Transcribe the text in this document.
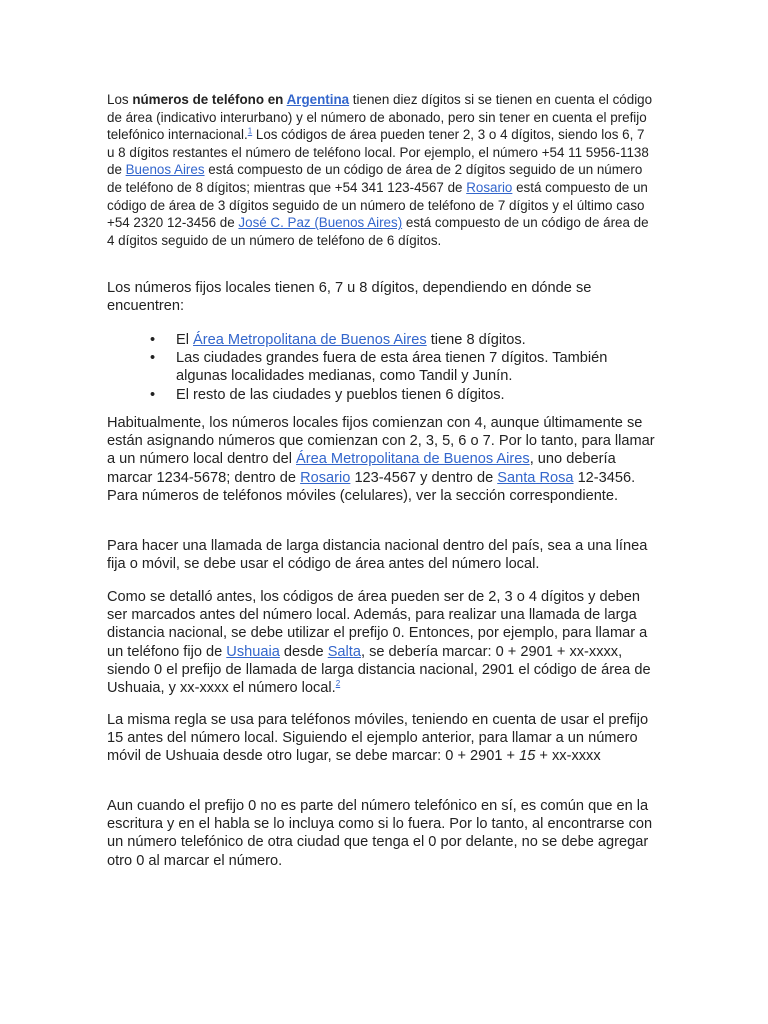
Los números de teléfono en Argentina tienen diez dígitos si se tienen en cuenta el código de área (indicativo interurbano) y el número de abonado, pero sin tener en cuenta el prefijo telefónico internacional.$^1$ Los códigos de área pueden tener 2, 3 o 4 dígitos, siendo los 6, 7 u 8 dígitos restantes el número de teléfono local. Por ejemplo, el número +54 11 5956-1138 de Buenos Aires está compuesto de un código de área de 2 dígitos seguido de un número de teléfono de 8 dígitos; mientras que +54 341 123-4567 de Rosario está compuesto de un código de área de 3 dígitos seguido de un número de teléfono de 7 dígitos y el último caso +54 2320 12-3456 de José C. Paz (Buenos Aires) está compuesto de un código de área de 4 dígitos seguido de un número de teléfono de 6 dígitos.

Los números fijos locales tienen 6, 7 u 8 dígitos, dependiendo en dónde se encuentren:

• El Área Metropolitana de Buenos Aires tiene 8 dígitos.
• Las ciudades grandes fuera de esta área tienen 7 dígitos. También algunas localidades medianas, como Tandil y Junín.
• El resto de las ciudades y pueblos tienen 6 dígitos.

Habitualmente, los números locales fijos comienzan con 4, aunque últimamente se están asignando números que comienzan con 2, 3, 5, 6 o 7. Por lo tanto, para llamar a un número local dentro del Área Metropolitana de Buenos Aires, uno debería marcar 1234-5678; dentro de Rosario 123-4567 y dentro de Santa Rosa 12-3456. Para números de teléfonos móviles (celulares), ver la sección correspondiente.

Para hacer una llamada de larga distancia nacional dentro del país, sea a una línea fija o móvil, se debe usar el código de área antes del número local.

Como se detalló antes, los códigos de área pueden ser de 2, 3 o 4 dígitos y deben ser marcados antes del número local. Además, para realizar una llamada de larga distancia nacional, se debe utilizar el prefijo 0. Entonces, por ejemplo, para llamar a un teléfono fijo de Ushuaia desde Salta, se debería marcar: 0 + 2901 + xx-xxxx, siendo 0 el prefijo de llamada de larga distancia nacional, 2901 el código de área de Ushuaia, y xx-xxxx el número local.$^2$

La misma regla se usa para teléfonos móviles, teniendo en cuenta de usar el prefijo 15 antes del número local. Siguiendo el ejemplo anterior, para llamar a un número móvil de Ushuaia desde otro lugar, se debe marcar: 0 + 2901 + 15 + xx-xxxx

Aun cuando el prefijo 0 no es parte del número telefónico en sí, es común que en la escritura y en el habla se lo incluya como si lo fuera. Por lo tanto, al encontrarse con un número telefónico de otra ciudad que tenga el 0 por delante, no se debe agregar otro 0 al marcar el número.
